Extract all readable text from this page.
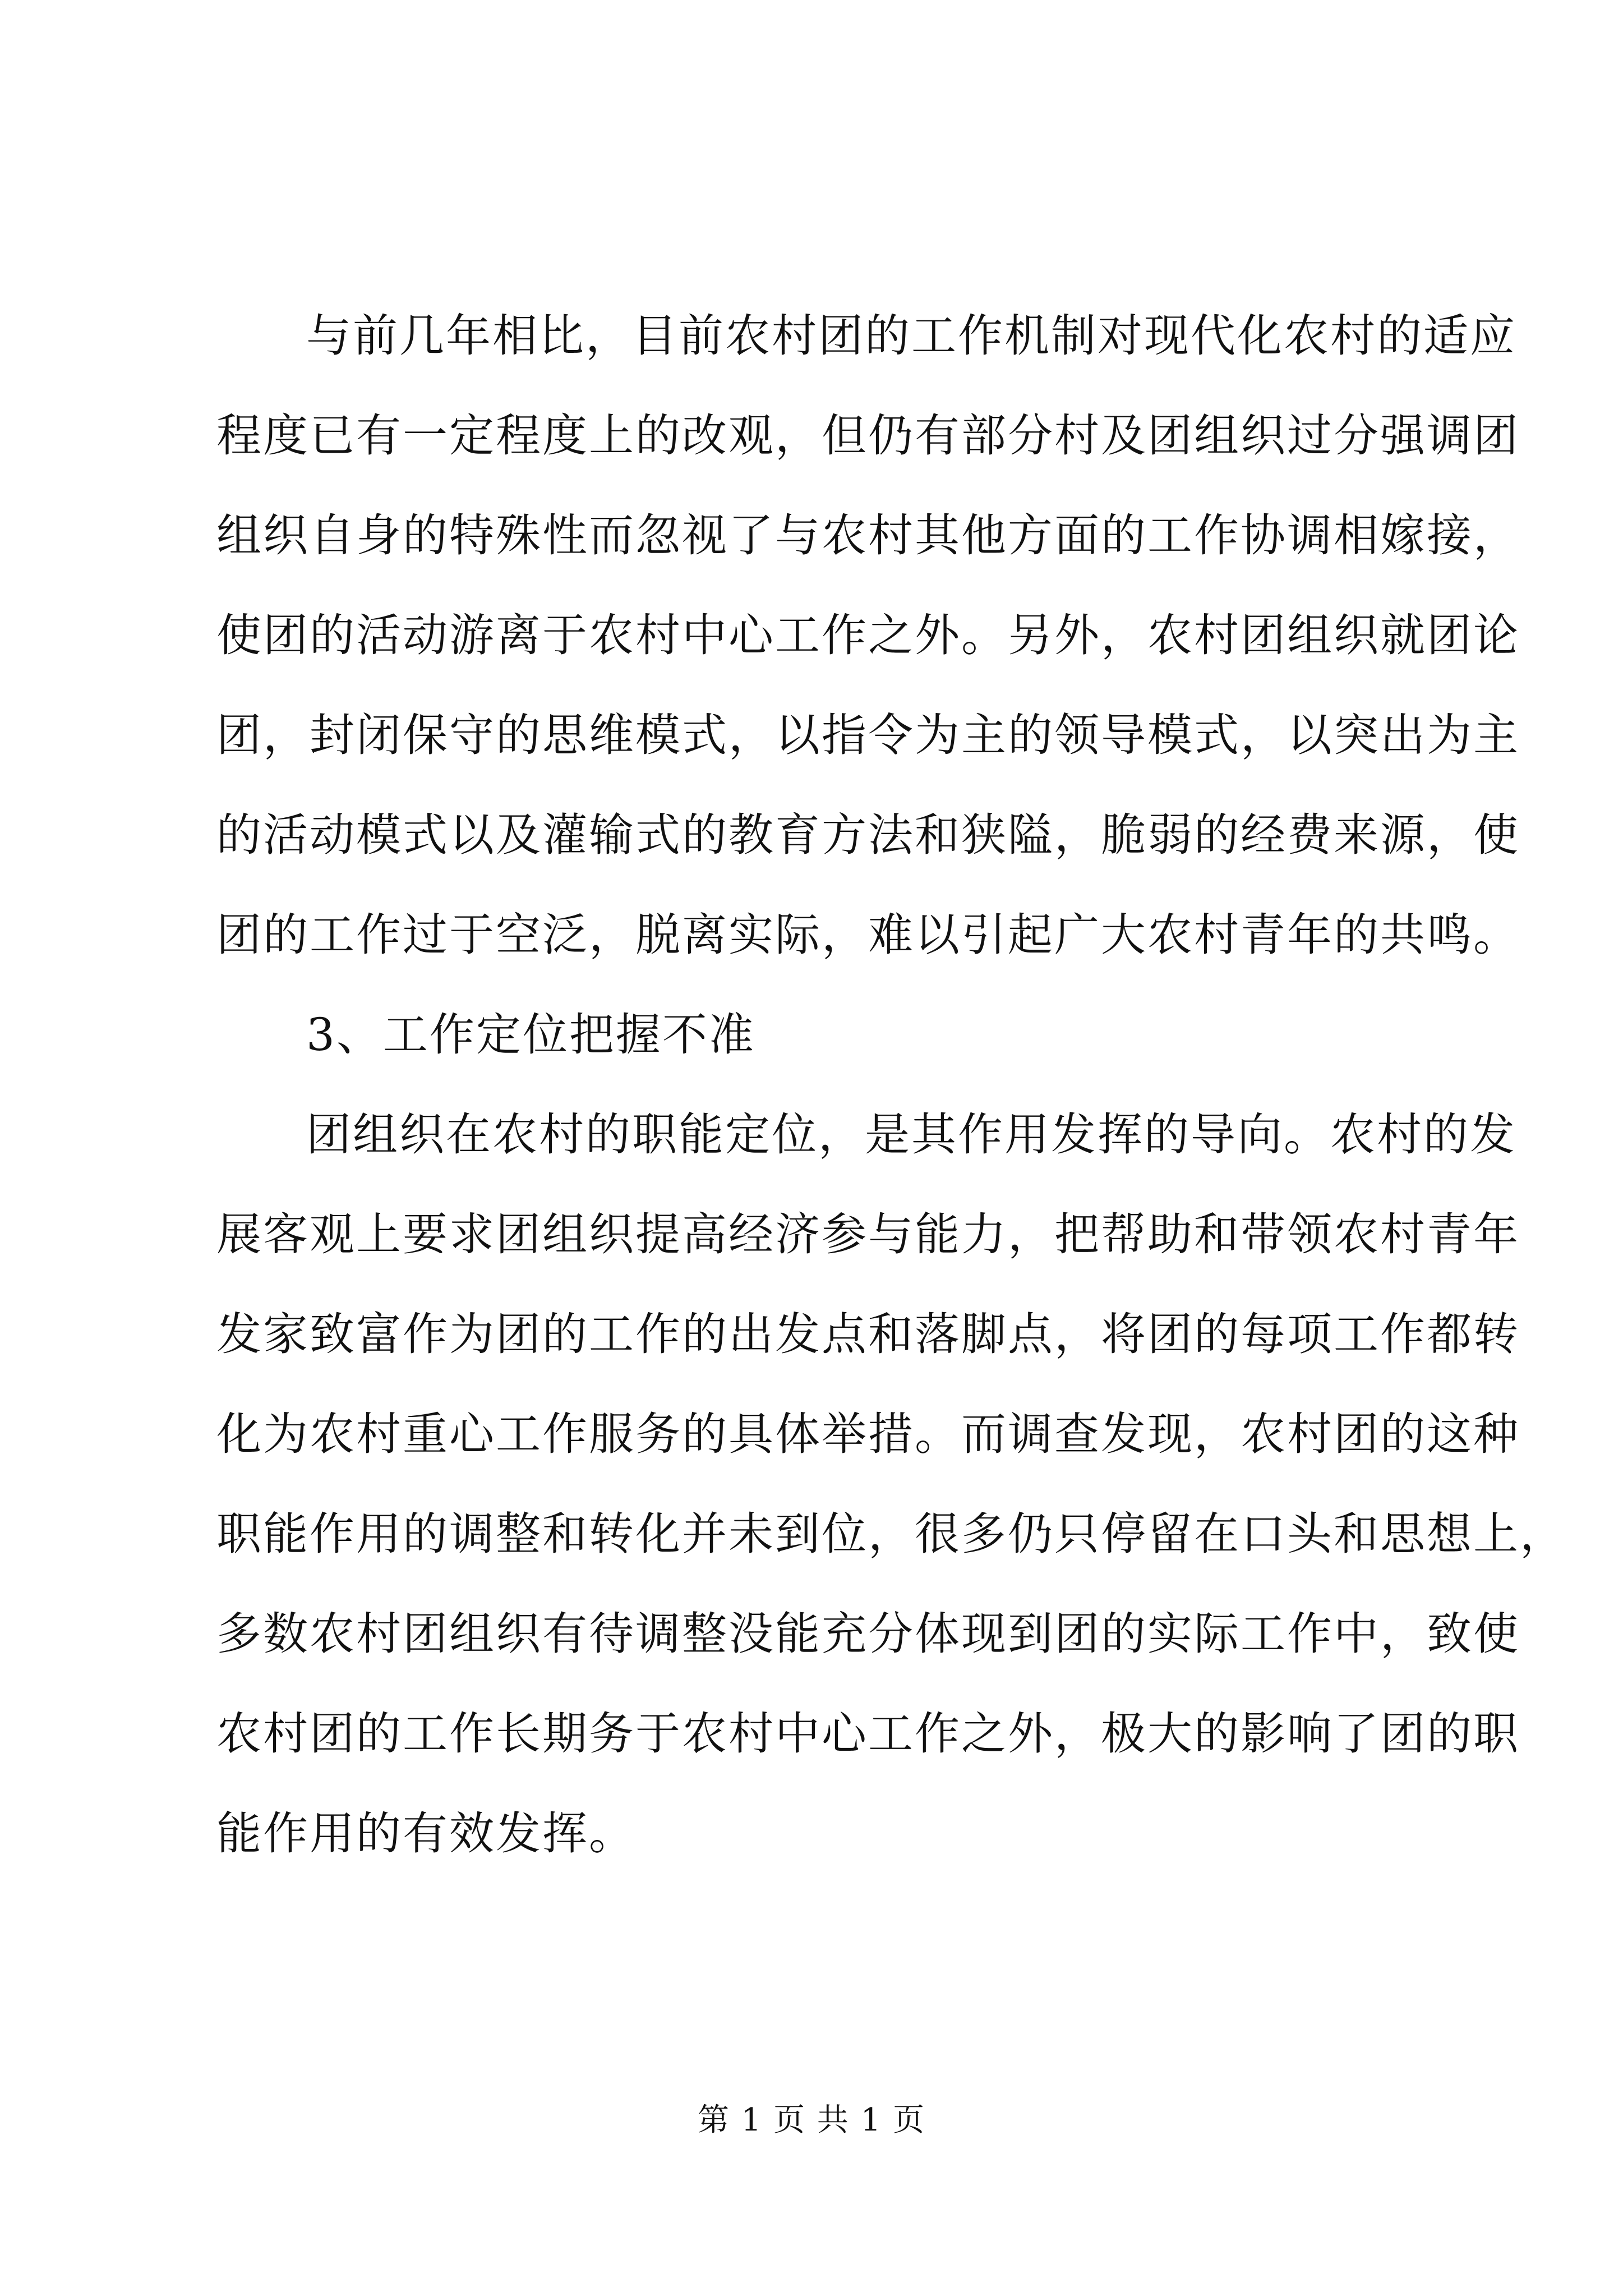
与前几年相比，目前农村团的工作机制对现代化农村的适应
程度已有一定程度上的改观，但仍有部分村及团组织过分强调团
组织自身的特殊性而忽视了与农村其他方面的工作协调相嫁接，
使团的活动游离于农村中心工作之外。另外，农村团组织就团论
团，封闭保守的思维模式，以指令为主的领导模式，以突出为主
的活动模式以及灌输式的教育方法和狭隘，脆弱的经费来源，使
团的工作过于空泛，脱离实际，难以引起广大农村青年的共鸣。
3、工作定位把握不准
团组织在农村的职能定位，是其作用发挥的导向。农村的发
展客观上要求团组织提高经济参与能力，把帮助和带领农村青年
发家致富作为团的工作的出发点和落脚点，将团的每项工作都转
化为农村重心工作服务的具体举措。而调查发现，农村团的这种
职能作用的调整和转化并未到位，很多仍只停留在口头和思想上，
多数农村团组织有待调整没能充分体现到团的实际工作中，致使
农村团的工作长期务于农村中心工作之外，极大的影响了团的职
能作用的有效发挥。
第 1 页 共 1 页
